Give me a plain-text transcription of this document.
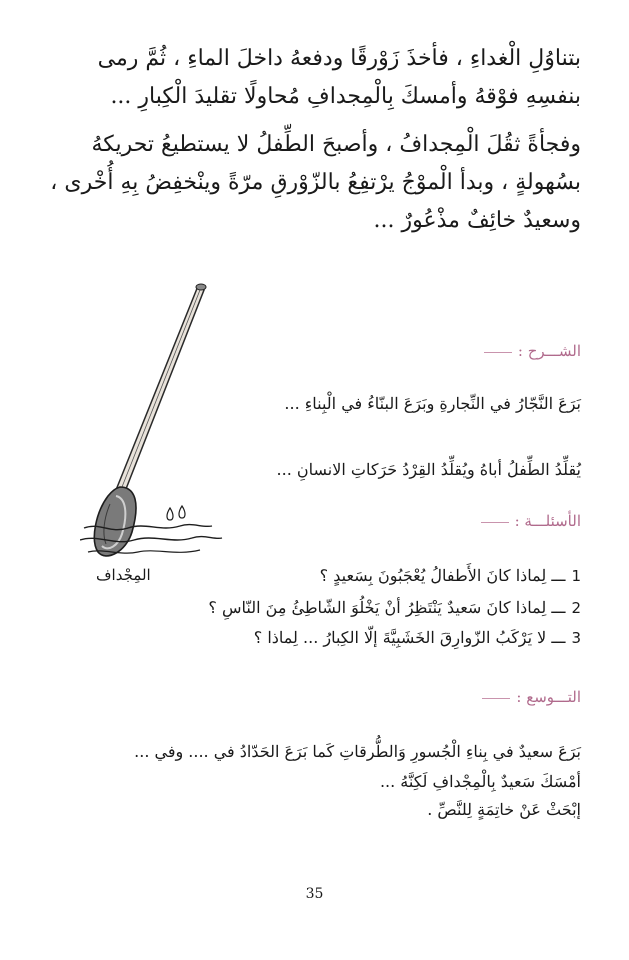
بتناوُلِ الْغداءِ ، فأخذَ زَوْرقًا ودفعهُ داخلَ الماءِ ، ثُمَّ رمى بنفسِهِ فوْقهُ وأمسكَ بِالْمِجدافِ مُحاولًا تقليدَ الْكِبارِ ...

وفجأةً ثقُلَ الْمِجدافُ ، وأصبحَ الطِّفلُ لا يستطيعُ تحريكهُ بسُهولةٍ ، وبدأ الْموْجُ يرْتفِعُ بالزّوْرقِ مرّةً وينْخفِضُ بِهِ أُخْرى ، وسعيدٌ خائِفٌ مذْعُورٌ ...

المِجْداف
الشـــرح :
بَرَعَ النَّجّارُ في النِّجارةِ وبَرَعَ البنّاءُ في الْبِناءِ ...
يُقلِّدُ الطِّفلُ أباهُ ويُقلِّدُ القِرْدُ حَرَكاتِ الانسانِ ...
الأسئلـــة :
1ـــ لِماذا كانَ الأَطفالُ يُعْجَبُونَ بِسَعيدٍ ؟
2ـــ لِماذا كانَ سَعيدٌ يَنْتَظِرُ أنْ يَخْلُوَ الشّاطِئُ مِنَ النّاسِ ؟
3ـــ لا يَرْكَبُ الزّوارِقَ الخَشَبِيَّةَ إلّا الكِبارُ ... لِماذا ؟
التـــوسع :
بَرَعَ سعيدٌ في بِناءِ الْجُسورِ وَالطُّرقاتِ كَما بَرَعَ الحَدّادُ في .... وفي ...
أمْسَكَ سَعيدٌ بِالْمِجْدافِ لَكِنَّهُ ...
إبْحَثْ عَنْ خاتِمَةٍ لِلنَّصِّ .
35
